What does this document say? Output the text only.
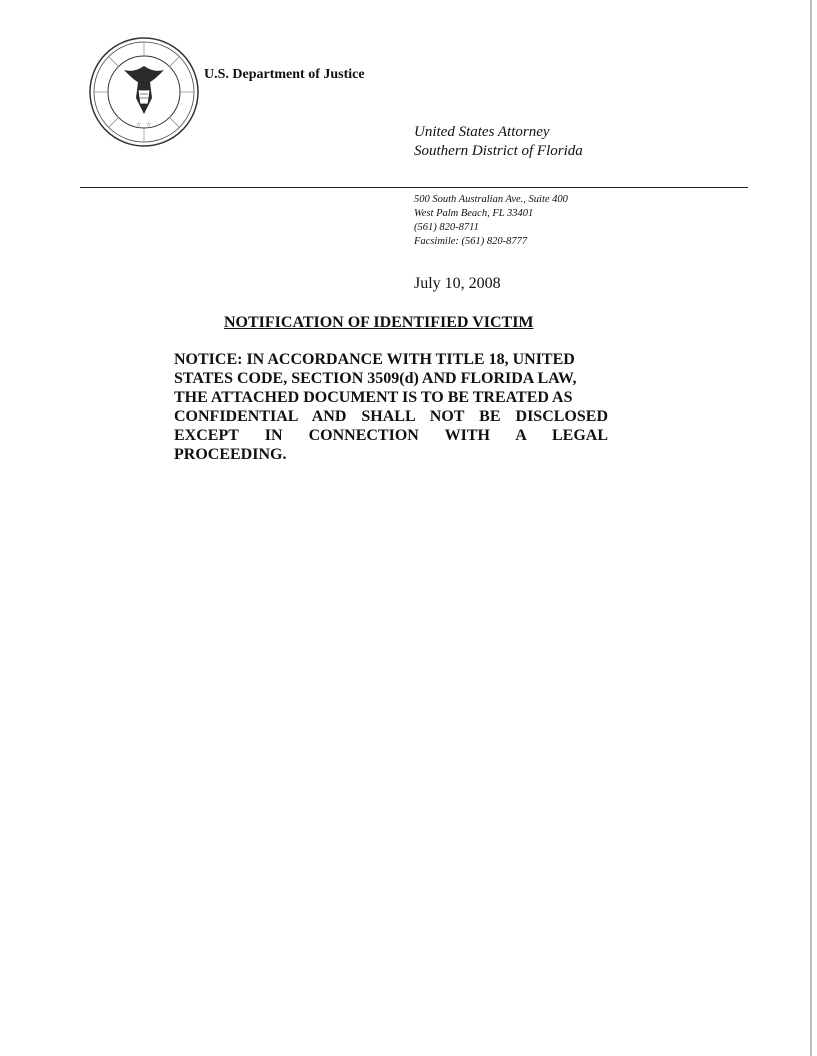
☆ ☆
U.S. Department of Justice
United States Attorney
Southern District of Florida
500 South Australian Ave., Suite 400
West Palm Beach, FL 33401
(561) 820-8711
Facsimile: (561) 820-8777
July 10, 2008
NOTIFICATION OF IDENTIFIED VICTIM
NOTICE: IN ACCORDANCE WITH TITLE 18, UNITED
STATES CODE, SECTION 3509(d) AND FLORIDA LAW,
THE ATTACHED DOCUMENT IS TO BE TREATED AS
CONFIDENTIAL AND SHALL NOT BE DISCLOSED
EXCEPT IN CONNECTION WITH A LEGAL
PROCEEDING.
